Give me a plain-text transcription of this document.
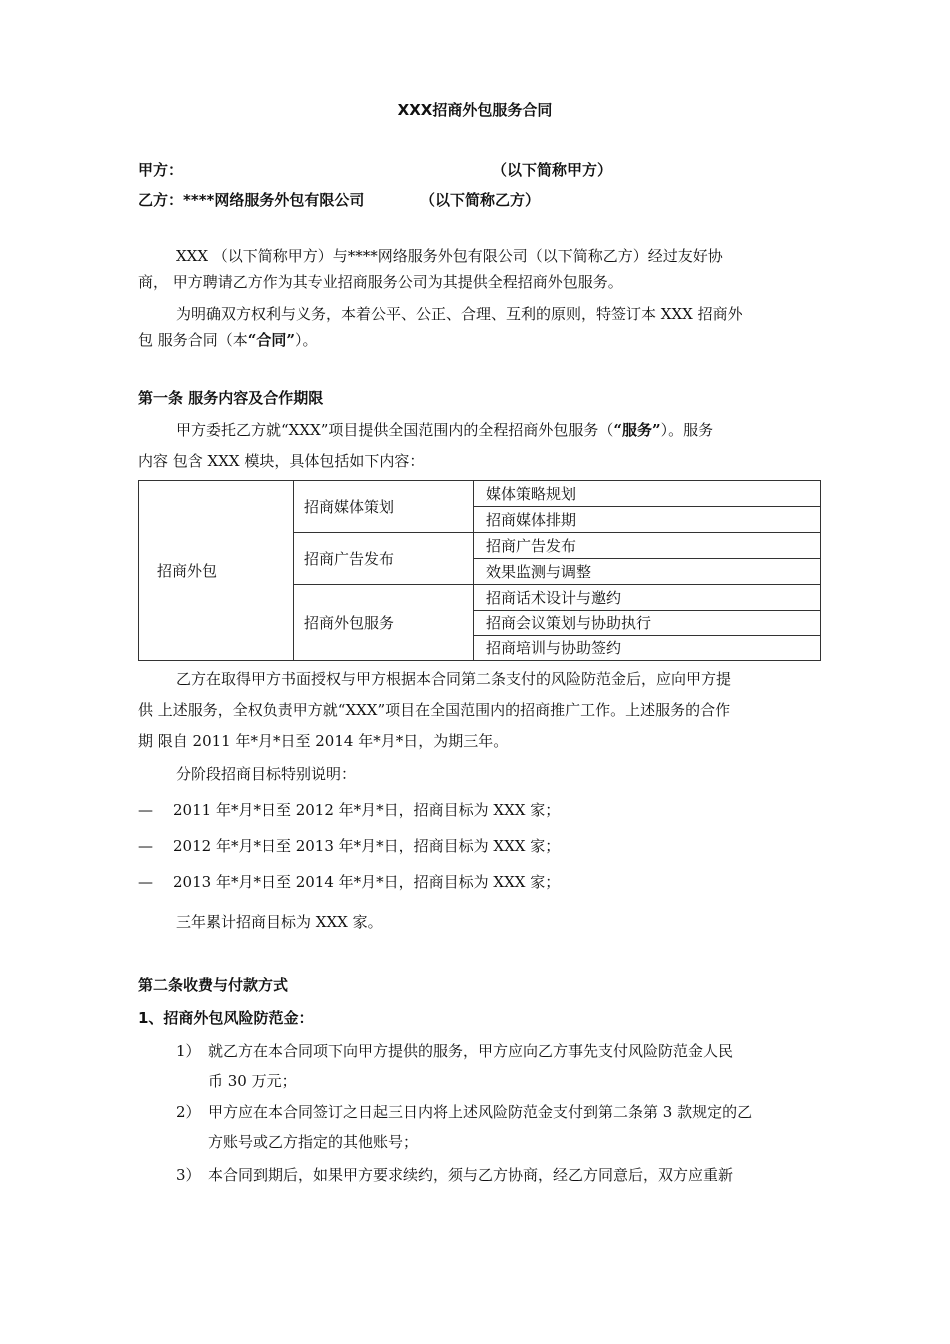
XXX招商外包服务合同
甲方：	（以下简称甲方）
乙方：****网络服务外包有限公司	（以下简称乙方）
XXX （以下简称甲方）与****网络服务外包有限公司（以下简称乙方）经过友好协
商， 甲方聘请乙方作为其专业招商服务公司为其提供全程招商外包服务。
为明确双方权利与义务，本着公平、公正、合理、互利的原则，特签订本 XXX 招商外
包 服务合同（本“合同”）。
第一条 服务内容及合作期限
甲方委托乙方就“XXX”项目提供全国范围内的全程招商外包服务（“服务”）。服务
内容 包含 XXX 模块，具体包括如下内容：
招商外包	招商媒体策划	媒体策略规划
		招商媒体排期
	招商广告发布	招商广告发布
		效果监测与调整
	招商外包服务	招商话术设计与邀约
		招商会议策划与协助执行
		招商培训与协助签约
乙方在取得甲方书面授权与甲方根据本合同第二条支付的风险防范金后，应向甲方提
供 上述服务，全权负责甲方就“XXX”项目在全国范围内的招商推广工作。上述服务的合作
期 限自 2011 年*月*日至 2014 年*月*日，为期三年。
分阶段招商目标特别说明：
— 2011 年*月*日至 2012 年*月*日，招商目标为 XXX 家；
— 2012 年*月*日至 2013 年*月*日，招商目标为 XXX 家；
— 2013 年*月*日至 2014 年*月*日，招商目标为 XXX 家；
三年累计招商目标为 XXX 家。
第二条收费与付款方式
1、招商外包风险防范金：
1） 就乙方在本合同项下向甲方提供的服务，甲方应向乙方事先支付风险防范金人民
币 30 万元；
2） 甲方应在本合同签订之日起三日内将上述风险防范金支付到第二条第 3 款规定的乙
方账号或乙方指定的其他账号；
3） 本合同到期后，如果甲方要求续约，须与乙方协商，经乙方同意后，双方应重新
